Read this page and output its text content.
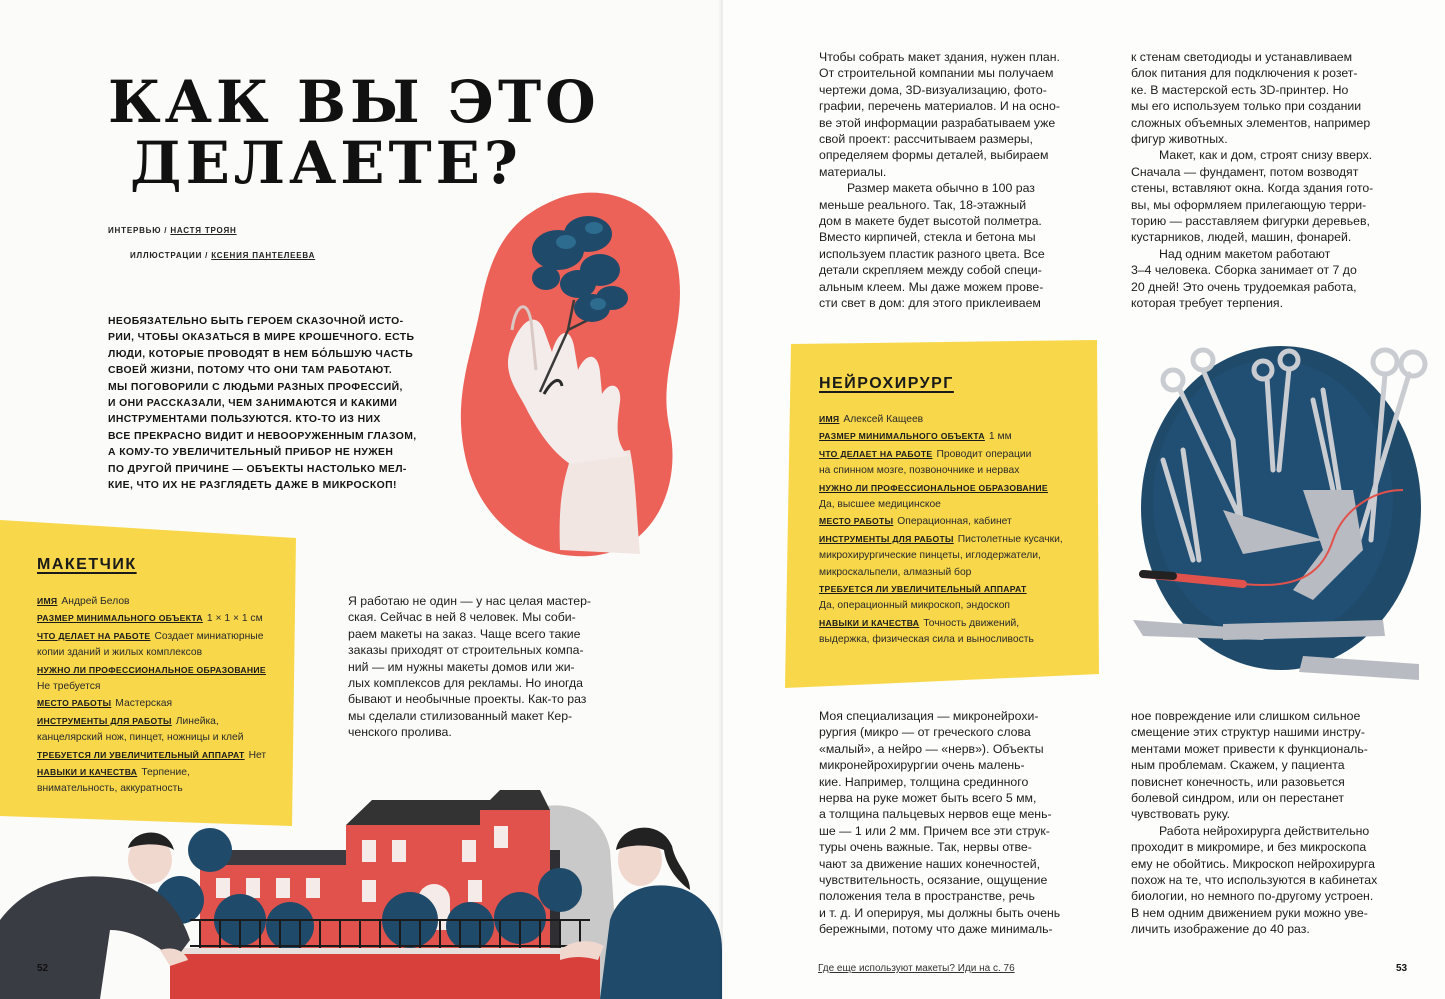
КАК ВЫ ЭТО
ДЕЛАЕТЕ?
ИНТЕРВЬЮ / НАСТЯ ТРОЯН
ИЛЛЮСТРАЦИИ / КСЕНИЯ ПАНТЕЛЕЕВА

НЕОБЯЗАТЕЛЬНО БЫТЬ ГЕРОЕМ СКАЗОЧНОЙ ИСТО-
РИИ, ЧТОБЫ ОКАЗАТЬСЯ В МИРЕ КРОШЕЧНОГО. ЕСТЬ
ЛЮДИ, КОТОРЫЕ ПРОВОДЯТ В НЕМ БО́ЛЬШУЮ ЧАСТЬ
СВОЕЙ ЖИЗНИ, ПОТОМУ ЧТО ОНИ ТАМ РАБОТАЮТ.
МЫ ПОГОВОРИЛИ С ЛЮДЬМИ РАЗНЫХ ПРОФЕССИЙ,
И ОНИ РАССКАЗАЛИ, ЧЕМ ЗАНИМАЮТСЯ И КАКИМИ
ИНСТРУМЕНТАМИ ПОЛЬЗУЮТСЯ. КТО-ТО ИЗ НИХ
ВСЕ ПРЕКРАСНО ВИДИТ И НЕВООРУЖЕННЫМ ГЛАЗОМ,
А КОМУ-ТО УВЕЛИЧИТЕЛЬНЫЙ ПРИБОР НЕ НУЖЕН
ПО ДРУГОЙ ПРИЧИНЕ — ОБЪЕКТЫ НАСТОЛЬКО МЕЛ-
КИЕ, ЧТО ИХ НЕ РАЗГЛЯДЕТЬ ДАЖЕ В МИКРОСКОП!

МАКЕТЧИК
ИМЯ Андрей Белов
РАЗМЕР МИНИМАЛЬНОГО ОБЪЕКТА 1 × 1 × 1 см
ЧТО ДЕЛАЕТ НА РАБОТЕ Создает миниатюрные
копии зданий и жилых комплексов
НУЖНО ЛИ ПРОФЕССИОНАЛЬНОЕ ОБРАЗОВАНИЕ
Не требуется
МЕСТО РАБОТЫ Мастерская
ИНСТРУМЕНТЫ ДЛЯ РАБОТЫ Линейка,
канцелярский нож, пинцет, ножницы и клей
ТРЕБУЕТСЯ ЛИ УВЕЛИЧИТЕЛЬНЫЙ АППАРАТ Нет
НАВЫКИ И КАЧЕСТВА Терпение,
внимательность, аккуратность

Я работаю не один — у нас целая мастер-

ская. Сейчас в ней 8 человек. Мы соби-

раем макеты на заказ. Чаще всего такие

заказы приходят от строительных компа-

ний — им нужны макеты домов или жи-

лых комплексов для рекламы. Но иногда

бывают и необычные проекты. Как-то раз

мы сделали стилизованный макет Кер-

ченского пролива.

52

Чтобы собрать макет здания, нужен план.

От строительной компании мы получаем

чертежи дома, 3D-визуализацию, фото-

графии, перечень материалов. И на осно-

ве этой информации разрабатываем уже

свой проект: рассчитываем размеры,

определяем формы деталей, выбираем

материалы.

Размер макета обычно в 100 раз

меньше реального. Так, 18-этажный

дом в макете будет высотой полметра.

Вместо кирпичей, стекла и бетона мы

используем пластик разного цвета. Все

детали скрепляем между собой специ-

альным клеем. Мы даже можем прове-

сти свет в дом: для этого приклеиваем

к стенам светодиоды и устанавливаем

блок питания для подключения к розет-

ке. В мастерской есть 3D-принтер. Но

мы его используем только при создании

сложных объемных элементов, например

фигур животных.

Макет, как и дом, строят снизу вверх.

Сначала — фундамент, потом возводят

стены, вставляют окна. Когда здания гото-

вы, мы оформляем прилегающую терри-

торию — расставляем фигурки деревьев,

кустарников, людей, машин, фонарей.

Над одним макетом работают

3–4 человека. Сборка занимает от 7 до

20 дней! Это очень трудоемкая работа,

которая требует терпения.

НЕЙРОХИРУРГ
ИМЯ Алексей Кащеев
РАЗМЕР МИНИМАЛЬНОГО ОБЪЕКТА 1 мм
ЧТО ДЕЛАЕТ НА РАБОТЕ Проводит операции
на спинном мозге, позвоночнике и нервах
НУЖНО ЛИ ПРОФЕССИОНАЛЬНОЕ ОБРАЗОВАНИЕ
Да, высшее медицинское
МЕСТО РАБОТЫ Операционная, кабинет
ИНСТРУМЕНТЫ ДЛЯ РАБОТЫ Пистолетные кусачки,
микрохирургические пинцеты, иглодержатели,
микроскальпели, алмазный бор
ТРЕБУЕТСЯ ЛИ УВЕЛИЧИТЕЛЬНЫЙ АППАРАТ
Да, операционный микроскоп, эндоскоп
НАВЫКИ И КАЧЕСТВА Точность движений,
выдержка, физическая сила и выносливость

Моя специализация — микронейрохи-

рургия (микро — от греческого слова

«малый», а нейро — «нерв»). Объекты

микронейрохирургии очень малень-

кие. Например, толщина срединного

нерва на руке может быть всего 5 мм,

а толщина пальцевых нервов еще мень-

ше — 1 или 2 мм. Причем все эти струк-

туры очень важные. Так, нервы отве-

чают за движение наших конечностей,

чувствительность, осязание, ощущение

положения тела в пространстве, речь

и т. д. И оперируя, мы должны быть очень

бережными, потому что даже минималь-

ное повреждение или слишком сильное

смещение этих структур нашими инстру-

ментами может привести к функциональ-

ным проблемам. Скажем, у пациента

повиснет конечность, или разовьется

болевой синдром, или он перестанет

чувствовать руку.

Работа нейрохирурга действительно

проходит в микромире, и без микроскопа

ему не обойтись. Микроскоп нейрохирурга

похож на те, что используются в кабинетах

биологии, но немного по-другому устроен.

В нем одним движением руки можно уве-

личить изображение до 40 раз.

Где еще используют макеты? Иди на с. 76	53
